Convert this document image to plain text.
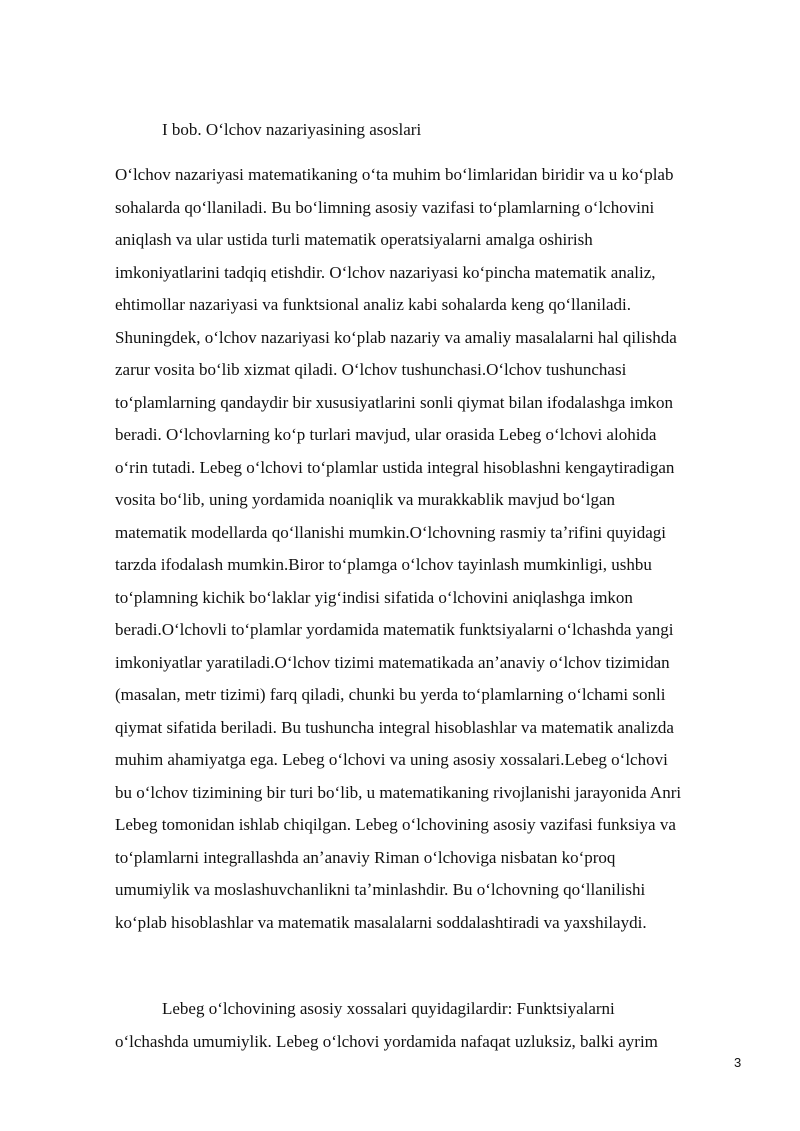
I bob. Oʻlchov nazariyasining asoslari
Oʻlchov nazariyasi matematikaning oʻta muhim boʻlimlaridan biridir va u koʻplab
sohalarda qoʻllaniladi. Bu boʻlimning asosiy vazifasi toʻplamlarning oʻlchovini
aniqlash va ular ustida turli matematik operatsiyalarni amalga oshirish
imkoniyatlarini tadqiq etishdir. Oʻlchov nazariyasi koʻpincha matematik analiz,
ehtimollar nazariyasi va funktsional analiz kabi sohalarda keng qoʻllaniladi.
Shuningdek, oʻlchov nazariyasi koʻplab nazariy va amaliy masalalarni hal qilishda
zarur vosita boʻlib xizmat qiladi. Oʻlchov tushunchasi.Oʻlchov tushunchasi
toʻplamlarning qandaydir bir xususiyatlarini sonli qiymat bilan ifodalashga imkon
beradi. Oʻlchovlarning koʻp turlari mavjud, ular orasida Lebeg oʻlchovi alohida
oʻrin tutadi. Lebeg oʻlchovi toʻplamlar ustida integral hisoblashni kengaytiradigan
vosita boʻlib, uning yordamida noaniqlik va murakkablik mavjud boʻlgan
matematik modellarda qoʻllanishi mumkin.Oʻlchovning rasmiy taʼrifini quyidagi
tarzda ifodalash mumkin.Biror toʻplamga oʻlchov tayinlash mumkinligi, ushbu
toʻplamning kichik boʻlaklar yigʻindisi sifatida oʻlchovini aniqlashga imkon
beradi.Oʻlchovli toʻplamlar yordamida matematik funktsiyalarni oʻlchashda yangi
imkoniyatlar yaratiladi.Oʻlchov tizimi matematikada anʼanaviy oʻlchov tizimidan
(masalan, metr tizimi) farq qiladi, chunki bu yerda toʻplamlarning oʻlchami sonli
qiymat sifatida beriladi. Bu tushuncha integral hisoblashlar va matematik analizda
muhim ahamiyatga ega. Lebeg oʻlchovi va uning asosiy xossalari.Lebeg oʻlchovi
bu oʻlchov tizimining bir turi boʻlib, u matematikaning rivojlanishi jarayonida Anri
Lebeg tomonidan ishlab chiqilgan. Lebeg oʻlchovining asosiy vazifasi funksiya va
toʻplamlarni integrallashda anʼanaviy Riman oʻlchoviga nisbatan koʻproq
umumiylik va moslashuvchanlikni taʼminlashdir. Bu oʻlchovning qoʻllanilishi
koʻplab hisoblashlar va matematik masalalarni soddalashtiradi va yaxshilaydi.
Lebeg oʻlchovining asosiy xossalari quyidagilardir: Funktsiyalarni
oʻlchashda umumiylik. Lebeg oʻlchovi yordamida nafaqat uzluksiz, balki ayrim
3
